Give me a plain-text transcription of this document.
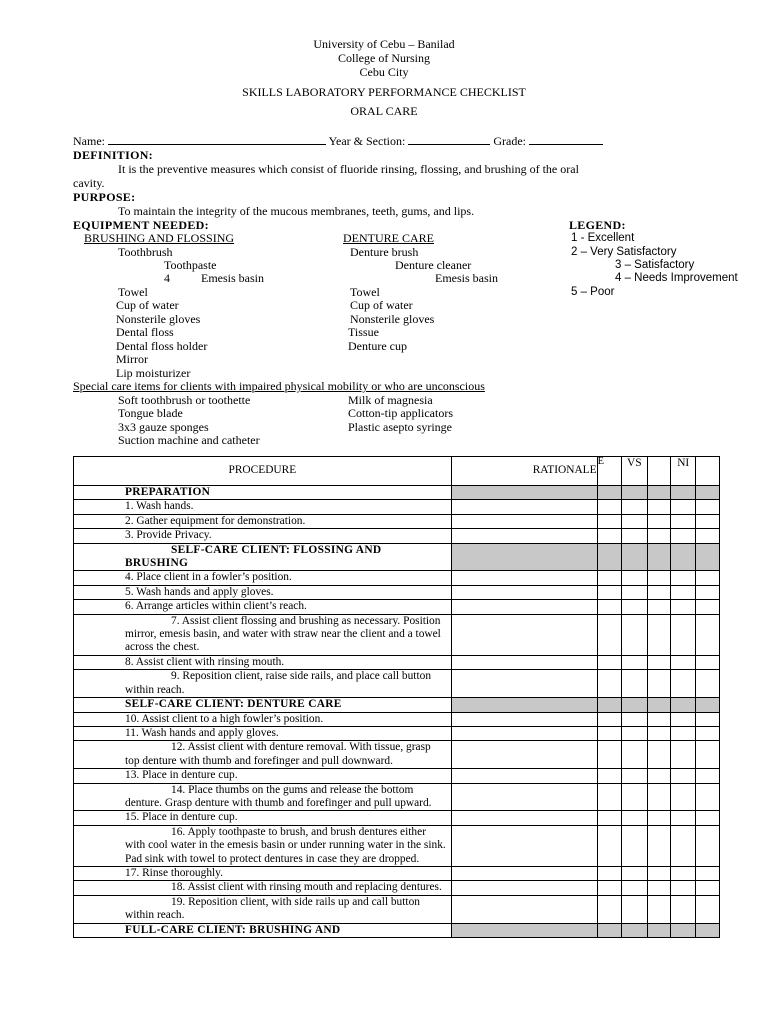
University of Cebu – Banilad
College of Nursing
Cebu City
SKILLS LABORATORY PERFORMANCE CHECKLIST
ORAL CARE
Name:	Year & Section:	Grade:
DEFINITION:
It is the preventive measures which consist of fluoride rinsing, flossing, and brushing of the oral
cavity.
PURPOSE:
To maintain the integrity of the mucous membranes, teeth, gums, and lips.
EQUIPMENT NEEDED:	LEGEND:
BRUSHING AND FLOSSING	DENTURE CARE	1 - Excellent
2 – Very Satisfactory
3 – Satisfactory
4 – Needs Improvement
5 – Poor
Toothbrush
Toothpaste
4	Emesis basin
Towel
Cup of water
Nonsterile gloves
Dental floss
Dental floss holder
Mirror
Lip moisturizer
Denture brush
Denture cleaner
Emesis basin
Towel
Cup of water
Nonsterile gloves
Tissue
Denture cup
Special care items for clients with impaired physical mobility or who are unconscious
Soft toothbrush or toothette
Tongue blade
3x3 gauze sponges
Suction machine and catheter
Milk of magnesia
Cotton-tip applicators
Plastic asepto syringe
PROCEDURE	RATIONALE	E	VS		NI	
PREPARATION						
1. Wash hands.						
2. Gather equipment for demonstration.						
3. Provide Privacy.						

SELF-CARE CLIENT: FLOSSING AND
BRUSHING						

4. Place client in a fowler’s position.						
5. Wash hands and apply gloves.						
6. Arrange articles within client’s reach.						
7. Assist client flossing and brushing as necessary. Position mirror, emesis basin, and water with straw near the client and a towel across the chest.						
8. Assist client with rinsing mouth.						
9. Reposition client, raise side rails, and place call button within reach.						
SELF-CARE CLIENT: DENTURE CARE						
10. Assist client to a high fowler’s position.						
11. Wash hands and apply gloves.						
12. Assist client with denture removal. With tissue, grasp top denture with thumb and forefinger and pull downward.						
13. Place in denture cup.						
14. Place thumbs on the gums and release the bottom denture. Grasp denture with thumb and forefinger and pull upward.						
15. Place in denture cup.						
16. Apply toothpaste to brush, and brush dentures either with cool water in the emesis basin or under running water in the sink. Pad sink with towel to protect dentures in case they are dropped.						
17. Rinse thoroughly.						
18. Assist client with rinsing mouth and replacing dentures.						
19. Reposition client, with side rails up and call button within reach.						
FULL-CARE CLIENT: BRUSHING AND						
